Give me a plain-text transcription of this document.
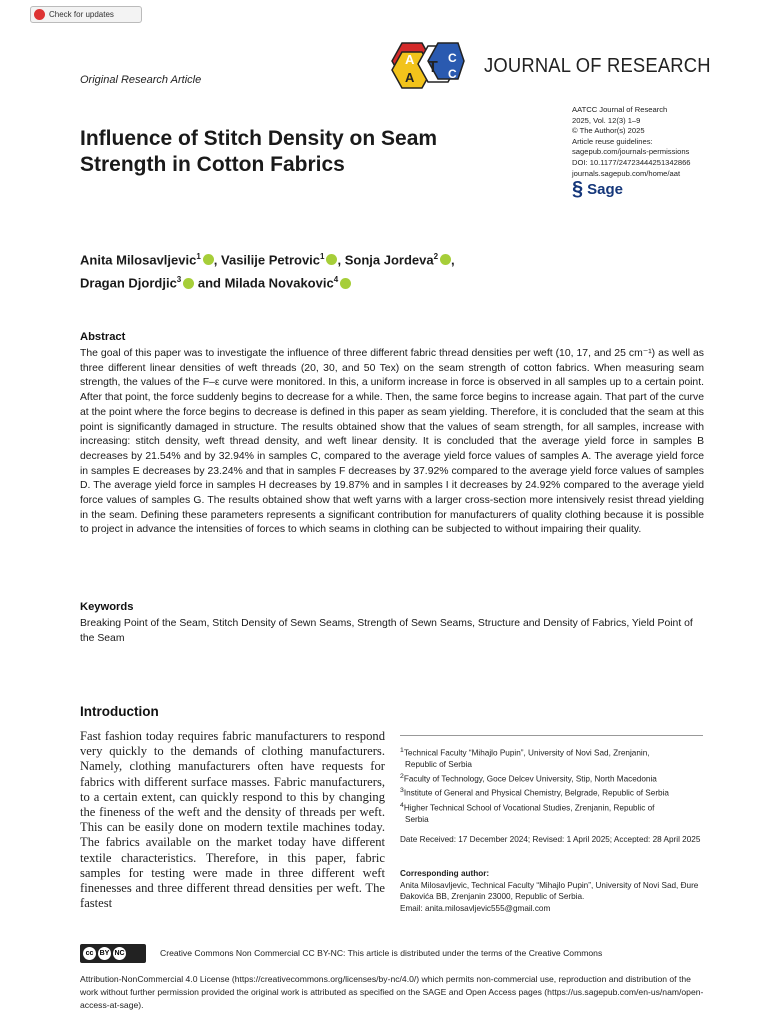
Check for updates
Original Research Article
A
A
T
C
C JOURNAL OF RESEARCH
AATCC Journal of Research
2025, Vol. 12(3) 1–9
© The Author(s) 2025
Article reuse guidelines:
sagepub.com/journals-permissions
DOI: 10.1177/24723444251342866
journals.sagepub.com/home/aat
§ Sage
Influence of Stitch Density on Seam Strength in Cotton Fabrics
Anita Milosavljevic$^1$ , Vasilije Petrovic$^1$ , Sonja Jordeva$^2$ ,
Dragan Djordjic$^3$ and Milada Novakovic$^4$
Abstract
The goal of this paper was to investigate the influence of three different fabric thread densities per weft (10, 17, and 25 cm⁻¹) as well as three different linear densities of weft threads (20, 30, and 50 Tex) on the seam strength of cotton fabrics. When measuring seam strength, the values of the F–ε curve were monitored. In this, a uniform increase in force is observed in all samples up to a certain point. After that point, the force suddenly begins to decrease for a while. Then, the same force begins to increase again. That part of the curve at the point where the force begins to decrease is defined in this paper as seam yielding. Therefore, it is concluded that the seam at this point is significantly damaged in structure. The results obtained show that the values of seam strength, for all samples, increase with increasing: stitch density, weft thread density, and weft linear density. It is concluded that the average yield force in samples B decreases by 21.54% and by 32.94% in samples C, compared to the average yield force values of samples A. The average yield force in samples E decreases by 23.24% and that in samples F decreases by 37.92% compared to the average yield force values of samples D. The average yield force in samples H decreases by 19.87% and in samples I it decreases by 24.92% compared to the average yield force values of samples G. The results obtained show that weft yarns with a larger cross-section more intensively resist thread yielding in the seam. Defining these parameters represents a significant contribution for manufacturers of quality clothing because it is possible to project in advance the intensities of forces to which seams in clothing can be subjected to without impairing their quality.
Keywords
Breaking Point of the Seam, Stitch Density of Sewn Seams, Strength of Sewn Seams, Structure and Density of Fabrics, Yield Point of the Seam
Introduction
Fast fashion today requires fabric manufacturers to respond very quickly to the demands of clothing manufacturers. Namely, clothing manufacturers often have requests for fabrics with different surface masses. Fabric manufacturers, to a certain extent, can quickly respond to this by changing the fineness of the weft and the density of threads per weft. This can be easily done on modern textile machines today. The fabrics available on the market today have different textile characteristics. Therefore, in this paper, fabric samples for testing were made in three different weft finenesses and three different thread densities per weft. The fastest
$^1$Technical Faculty “Mihajlo Pupin”, University of Novi Sad, Zrenjanin,
Republic of Serbia
$^2$Faculty of Technology, Goce Delcev University, Stip, North Macedonia
$^3$Institute of General and Physical Chemistry, Belgrade, Republic of Serbia
$^4$Higher Technical School of Vocational Studies, Zrenjanin, Republic of
Serbia
Date Received: 17 December 2024; Revised: 1 April 2025; Accepted: 28 April 2025
Corresponding author:
Anita Milosavljevic, Technical Faculty “Mihajlo Pupin”, University of Novi Sad, Đure Đakovića BB, Zrenjanin 23000, Republic of Serbia.
Email: anita.milosavljevic555@gmail.com
cc BY NC	Creative Commons Non Commercial CC BY-NC: This article is distributed under the terms of the Creative Commons
Attribution-NonCommercial 4.0 License (https://creativecommons.org/licenses/by-nc/4.0/) which permits non-commercial use, reproduction and distribution of the work without further permission provided the original work is attributed as specified on the SAGE and Open Access pages (https://us.sagepub.com/en-us/nam/open-access-at-sage).
